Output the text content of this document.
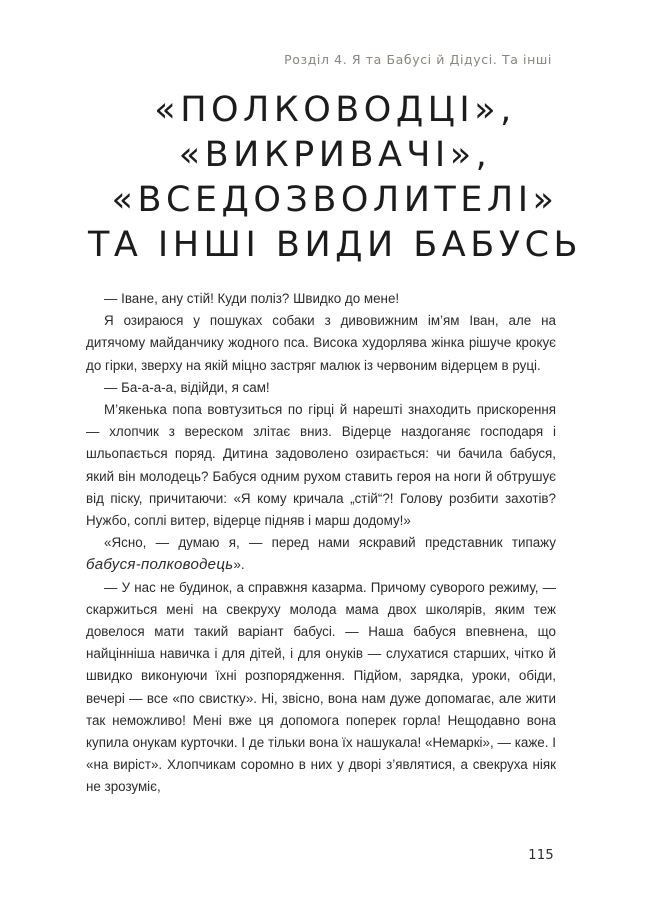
Розділ 4. Я та Бабусі й Дідусі. Та інші
«ПОЛКОВОДЦІ»,
«ВИКРИВАЧІ»,
«ВСЕДОЗВОЛИТЕЛІ»
ТА ІНШІ ВИДИ БАБУСЬ

— Іване, ану стій! Куди поліз? Швидко до мене!

Я озираюся у пошуках собаки з дивовижним ім’ям Іван, але на дитячому майданчику жодного пса. Висока худорлява жінка рішуче крокує до гірки, зверху на якій міцно застряг малюк із червоним відерцем в руці.

— Ба-а-а-а, відійди, я сам!

М’якенька попа вовтузиться по гірці й нарешті знаходить прискорення — хлопчик з вереском злітає вниз. Відерце наздоганяє господаря і шльопається поряд. Дитина задоволено озирається: чи бачила бабуся, який він молодець? Бабуся одним рухом ставить героя на ноги й обтрушує від піску, причитаючи: «Я кому кричала „стій“?! Голову розбити захотів? Нужбо, соплі витер, відерце підняв і марш додому!»

«Ясно, — думаю я, — перед нами яскравий представник типажу бабуся-полководець».

— У нас не будинок, а справжня казарма. Причому суворого режиму, — скаржиться мені на свекруху молода мама двох школярів, яким теж довелося мати такий варіант бабусі. — Наша бабуся впевнена, що найцінніша навичка і для дітей, і для онуків — слухатися старших, чітко й швидко виконуючи їхні розпорядження. Підйом, зарядка, уроки, обіди, вечері — все «по свистку». Ні, звісно, вона нам дуже допомагає, але жити так неможливо! Мені вже ця допомога поперек горла! Нещодавно вона купила онукам курточки. І де тільки вона їх нашукала! «Немаркі», — каже. І «на виріст». Хлопчикам соромно в них у дворі з’являтися, а свекруха ніяк не зрозуміє,

115
